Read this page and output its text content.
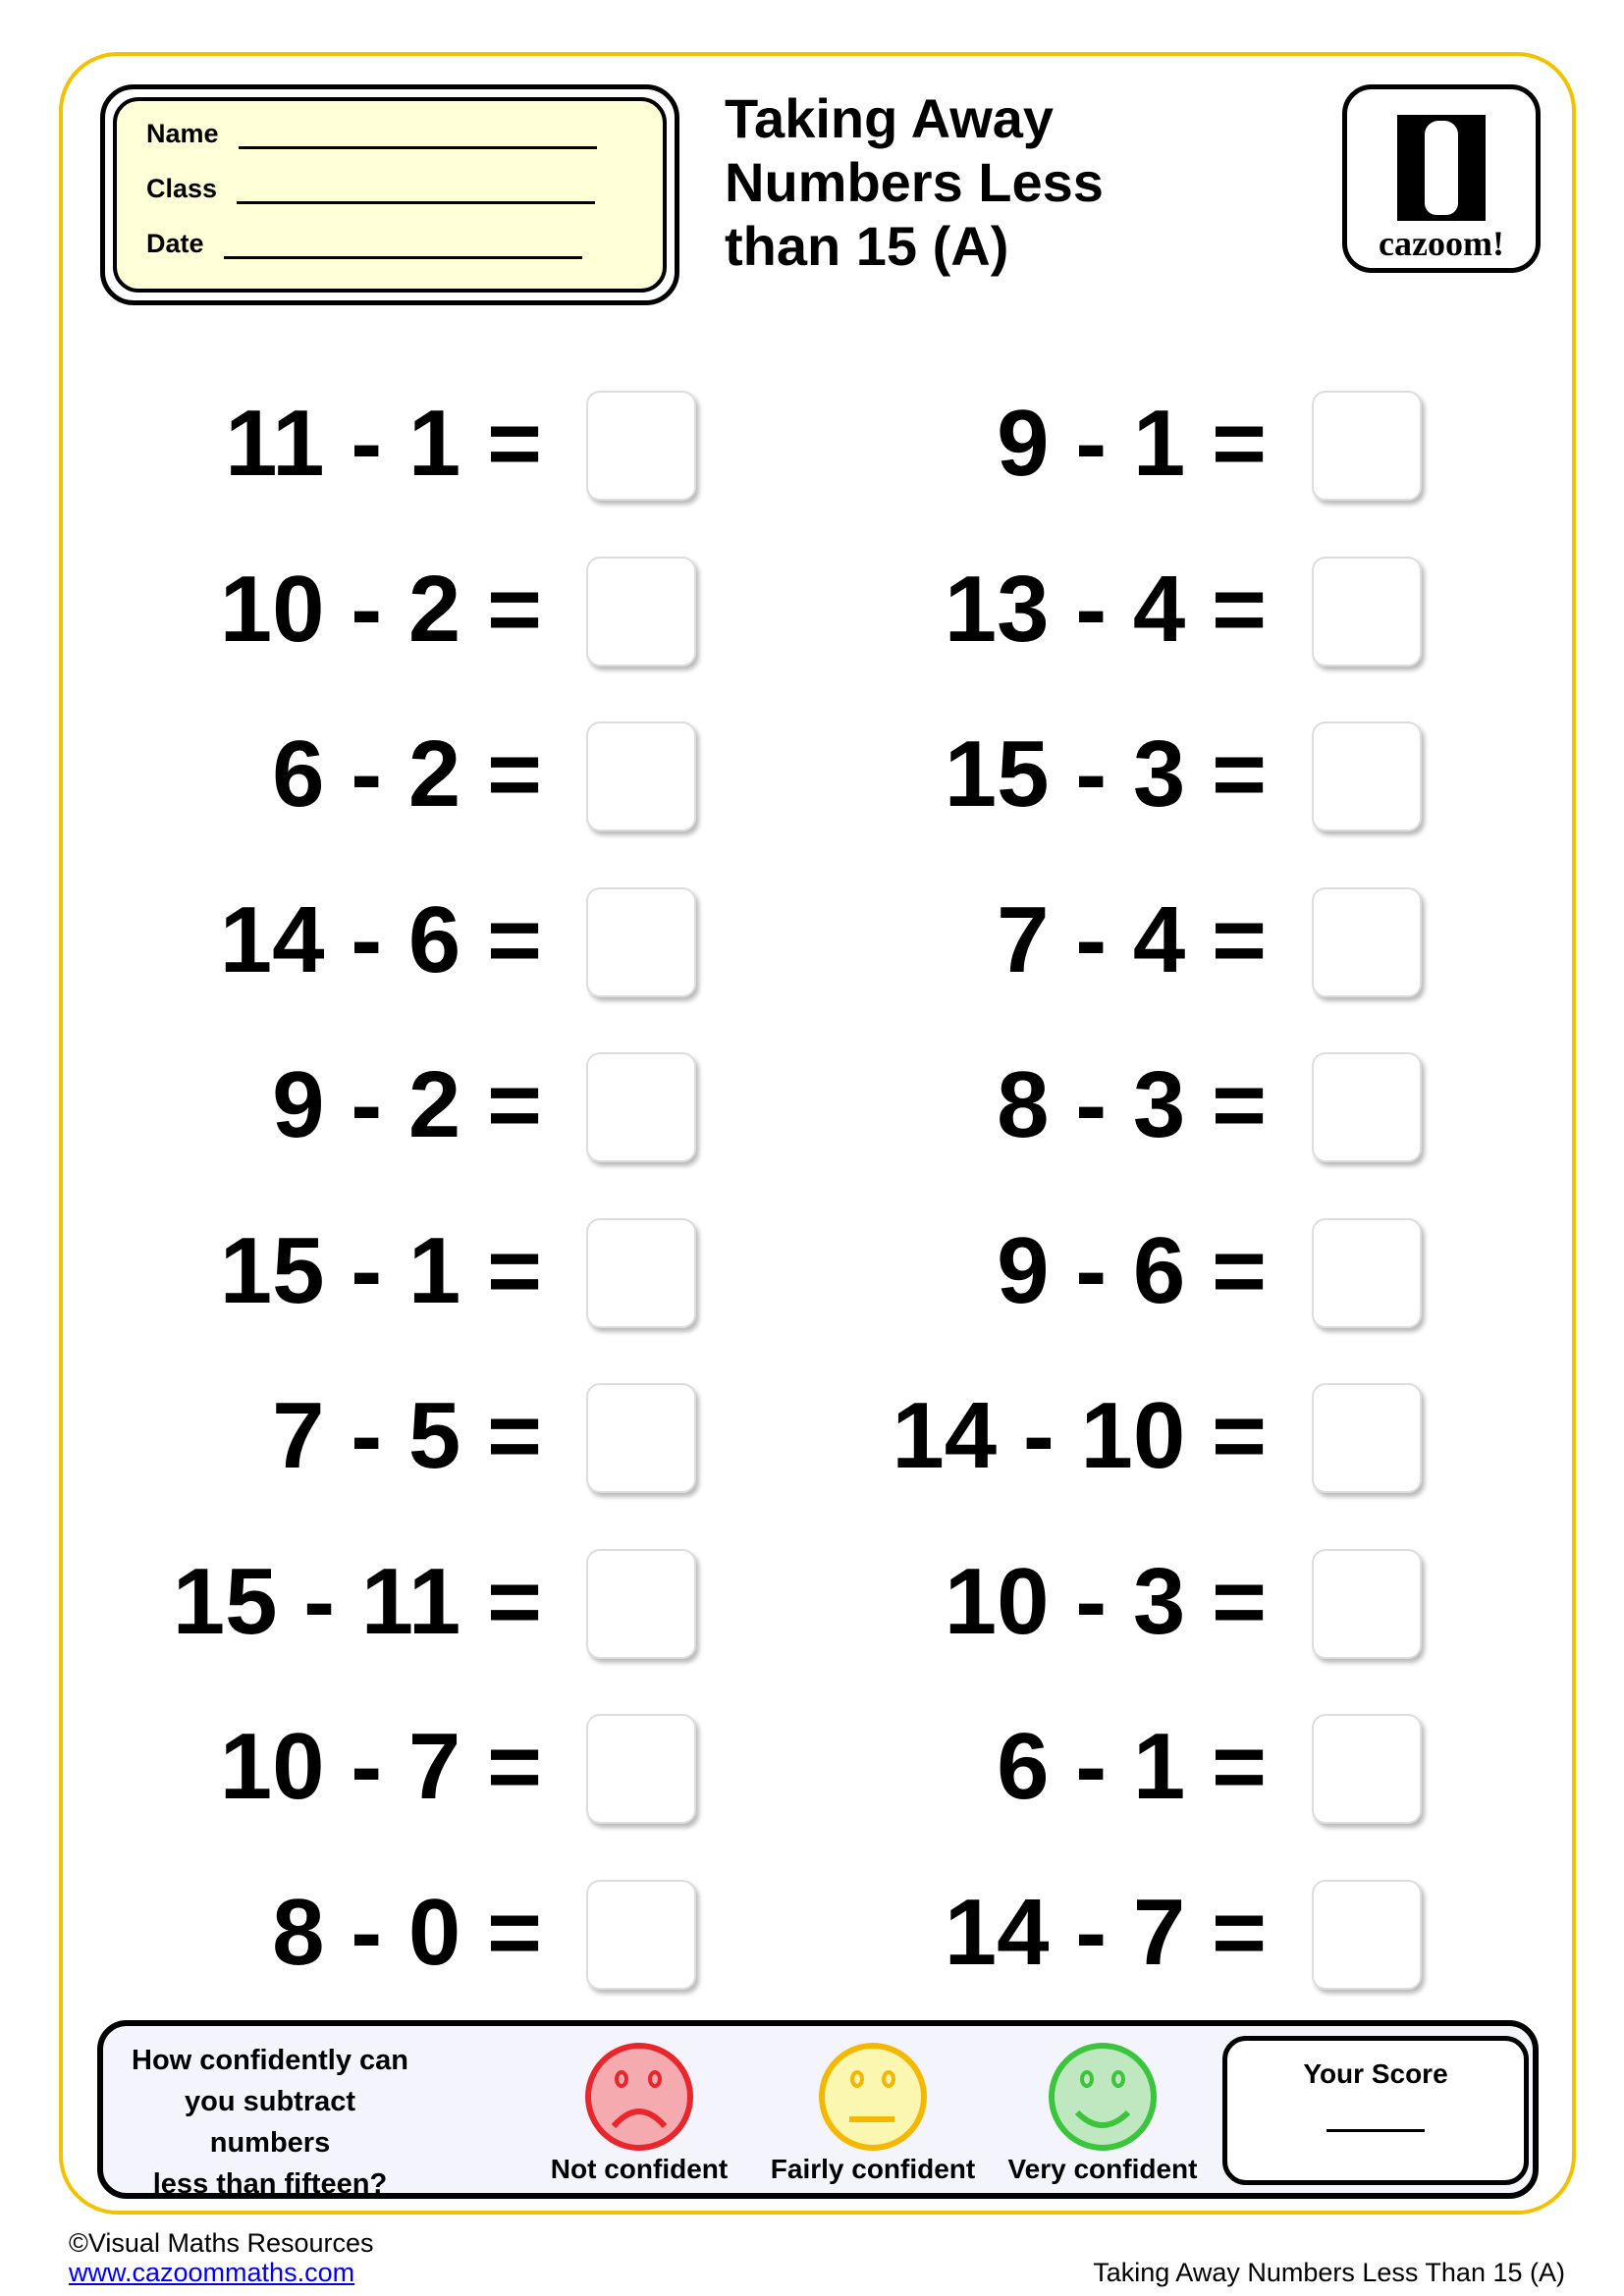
Name
Class
Date
Taking Away
Numbers Less
than 15 (A)	cazoom!
11 - 1 =
10 - 2 =
6 - 2 =
14 - 6 =
9 - 2 =
15 - 1 =
7 - 5 =
15 - 11 =
10 - 7 =
8 - 0 =
9 - 1 =
13 - 4 =
15 - 3 =
7 - 4 =
8 - 3 =
9 - 6 =
14 - 10 =
10 - 3 =
6 - 1 =
14 - 7 =
How confidently can
you subtract numbers
less than fifteen?	Not confident	Fairly confident	Very confident
Your Score
©Visual Maths Resources
www.cazoommaths.com	Taking Away Numbers Less Than 15 (A)
